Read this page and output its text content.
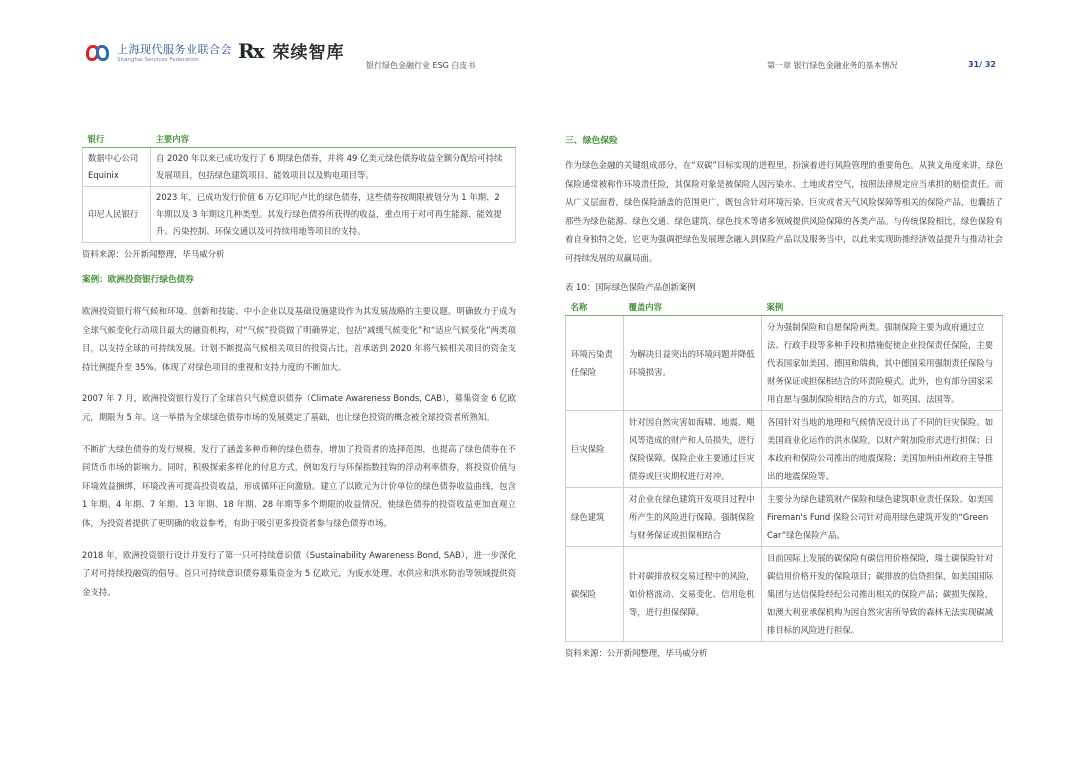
上海现代服务业联合会
Shanghai Services Federation	Rx 荣续智库
银行绿色金融行业 ESG 白皮书	第一章 银行绿色金融业务的基本情况	31/ 32
银行	主要内容
数据中心公司 Equinix	自 2020 年以来已成功发行了 6 期绿色债券，并将 49 亿美元绿色债券收益全额分配给可持续发展项目，包括绿色建筑项目、能效项目以及购电项目等。
印尼人民银行	2023 年，已成功发行价值 6 万亿印尼卢比的绿色债券，这些债券按期限被划分为 1 年期、2 年期以及 3 年期这几种类型。其发行绿色债券所获得的收益，重点用于对可再生能源、能效提升、污染控制、环保交通以及可持续用地等项目的支持。
资料来源：公开新闻整理，毕马威分析
案例：欧洲投资银行绿色债券

欧洲投资银行将气候和环境、创新和技能、中小企业以及基础设施建设作为其发展战略的主要议题。明确致力于成为全球气候变化行动项目最大的融资机构，对“气候”投资做了明确界定，包括“减缓气候变化”和“适应气候变化”两类项目，以支持全球的可持续发展。计划不断提高气候相关项目的投资占比，首承诺到 2020 年将气候相关项目的资金支持比例提升至 35%。体现了对绿色项目的重视和支持力度的不断加大。

2007 年 7 月，欧洲投资银行发行了全球首只气候意识债券（Climate Awareness Bonds, CAB），募集资金 6 亿欧元，期限为 5 年。这一举措为全球绿色债券市场的发展奠定了基础，也让绿色投资的概念被全球投资者所熟知。

不断扩大绿色债券的发行规模，发行了涵盖多种币种的绿色债券，增加了投资者的选择范围，也提高了绿色债券在不同货币市场的影响力。同时，积极探索多样化的付息方式，例如发行与环保指数挂钩的浮动利率债券，将投资价值与环境效益捆绑，环境改善可提高投资收益，形成循环正向激励。建立了以欧元为计价单位的绿色债券收益曲线，包含 1 年期、4 年期、7 年期、13 年期、18 年期、28 年期等多个期限的收益情况，使绿色债券的投资收益更加直观立体，为投资者提供了更明确的收益参考，有助于吸引更多投资者参与绿色债券市场。

2018 年，欧洲投资银行设计并发行了第一只可持续意识债（Sustainability Awareness Bond, SAB），进一步深化了对可持续投融资的倡导。首只可持续意识债券募集资金为 5 亿欧元，为废水处理、水供应和洪水防治等领域提供资金支持。

三、绿色保险

作为绿色金融的关键组成部分，在“双碳”目标实现的进程里，扮演着进行风险管理的重要角色。从狭义角度来讲，绿色保险通常被称作环境责任险，其保险对象是被保险人因污染水、土地或者空气，按照法律规定应当承担的赔偿责任。而从广义层面看，绿色保险涵盖的范围更广，既包含针对环境污染、巨灾或者天气风险保障等相关的保险产品，也囊括了那些为绿色能源、绿色交通、绿色建筑、绿色技术等诸多领域提供风险保障的各类产品。与传统保险相比，绿色保险有着自身独特之处，它更为强调把绿色发展理念融入到保险产品以及服务当中，以此来实现助推经济效益提升与推动社会可持续发展的双赢局面。

表 10：国际绿色保险产品创新案例
名称	覆盖内容	案例
环境污染责任保险	为解决日益突出的环境问题并降低环境损害。	分为强制保险和自愿保险两类。强制保险主要为政府通过立法、行政手段等多种手段和措施促使企业投保责任保险，主要代表国家如美国、德国和瑞典，其中德国采用强制责任保险与财务保证或担保相结合的环责险模式。此外，也有部分国家采用自愿与强制保险相结合的方式，如英国、法国等。
巨灾保险	针对因自然灾害如海啸、地震、飓风等造成的财产和人员损失，进行保险保障。保险企业主要通过巨灾债券或巨灾期权进行对冲。	各国针对当地的地理和气候情况设计出了不同的巨灾保险。如美国商业化运作的洪水保险，以财产附加险形式进行担保；日本政府和保险公司推出的地震保险；美国加州由州政府主导推出的地震保险等。
绿色建筑	对企业在绿色建筑开发项目过程中所产生的风险进行保障。强制保险与财务保证或担保相结合	主要分为绿色建筑财产保险和绿色建筑职业责任保险。如美国 Fireman's Fund 保险公司针对商用绿色建筑开发的“Green Car”绿色保险产品。
碳保险	针对碳排放权交易过程中的风险，如价格波动、交易变化、信用危机等，进行担保保障。	目前国际上发展的碳保险有碳信用价格保险，瑞士碳保险针对碳信用价格开发的保险项目；碳排放的信贷担保，如美国国际集团与达信保险经纪公司推出相关的保险产品；碳损失保险，如澳大利亚承保机构为因自然灾害所导致的森林无法实现碳减排目标的风险进行担保。
资料来源：公开新闻整理，毕马威分析
